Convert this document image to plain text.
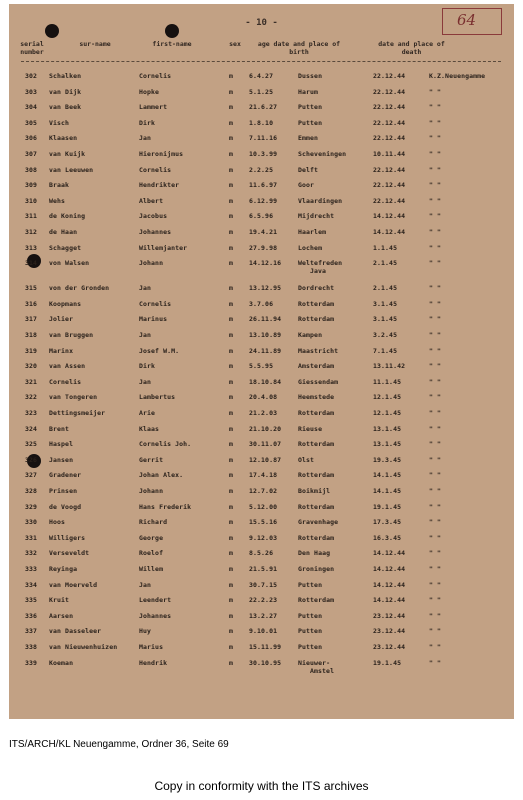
- 10 -	64
serial number
sur-name	first-name	sex	age date and place of birth
date and place of death
302 Schalken	Cornelis	m 6.4.27	Dussen	22.12.44	K.Z.Neuengamme
303 van Dijk	Hopke	m 5.1.25	Harum	22.12.44	" "
304 van Beek	Lammert	m 21.6.27	Putten	22.12.44	" "
305 Visch	Dirk	m 1.8.10	Putten	22.12.44	" "
306 Klaasen	Jan	m 7.11.16	Emmen	22.12.44	" "
307 van Kuijk	Hieronijmus	m 10.3.99	Scheveningen	10.11.44	" "
308 van Leeuwen	Cornelis	m 2.2.25	Delft	22.12.44	" "
309 Braak	Hendrikter	m 11.6.97	Goor	22.12.44	" "
310 Wehs	Albert	m 6.12.99	Vlaardingen	22.12.44	" "
311 de Koning	Jacobus	m 6.5.96	Mijdrecht	14.12.44	" "
312 de Haan	Johannes	m 19.4.21	Haarlem	14.12.44	" "
313 Schagget	Willemjanter	m 27.9.98	Lochem	1.1.45	" "
314 von Walsen	Johann	m 14.12.16	Weltefreden	2.1.45	" "
Java
315 von der Gronden	Jan	m 13.12.95	Dordrecht	2.1.45	" "
316 Koopmans	Cornelis	m 3.7.06	Rotterdam	3.1.45	" "
317 Jolier	Marinus	m 26.11.94	Rotterdam	3.1.45	" "
318 van Bruggen	Jan	m 13.10.89	Kampen	3.2.45	" "
319 Marinx	Josef W.M.	m 24.11.89	Maastricht	7.1.45	" "
320 van Assen	Dirk	m 5.5.95	Amsterdam	13.11.42	" "
321 Cornelis	Jan	m 18.10.84	Giessendam	11.1.45	" "
322 van Tongeren	Lambertus	m 20.4.08	Heemstede	12.1.45	" "
323 Dettingsmeijer	Arie	m 21.2.03	Rotterdam	12.1.45	" "
324 Brent	Klaas	m 21.10.20	Rieuse	13.1.45	" "
325 Haspel	Cornelis Joh.	m 30.11.07	Rotterdam	13.1.45	" "
326 Jansen	Gerrit	m 12.10.87	Olst	19.3.45	" "
327 Gradener	Johan Alex.	m 17.4.18	Rotterdam	14.1.45	" "
328 Prinsen	Johann	m 12.7.02	Boikmijl	14.1.45	" "
329 de Voogd	Hans Frederik	m 5.12.00	Rotterdam	19.1.45	" "
330 Hoos	Richard	m 15.5.16	Gravenhage	17.3.45	" "
331 Willigers	George	m 9.12.03	Rotterdam	16.3.45	" "
332 Verseveldt	Roelof	m 8.5.26	Den Haag	14.12.44	" "
333 Reyinga	Willem	m 21.5.91	Groningen	14.12.44	" "
334 van Moerveld	Jan	m 30.7.15	Putten	14.12.44	" "
335 Kruit	Leendert	m 22.2.23	Rotterdam	14.12.44	" "
336 Aarsen	Johannes	m 13.2.27	Putten	23.12.44	" "
337 van Dasseleer	Huy	m 9.10.01	Putten	23.12.44	" "
338 van Nieuwenhuizen	Marius	m 15.11.99	Putten	23.12.44	" "
339 Koeman	Hendrik	m 30.10.95	Nieuwer-	19.1.45	" "
Amstel
ITS/ARCH/KL Neuengamme, Ordner 36, Seite 69
Copy in conformity with the ITS archives
